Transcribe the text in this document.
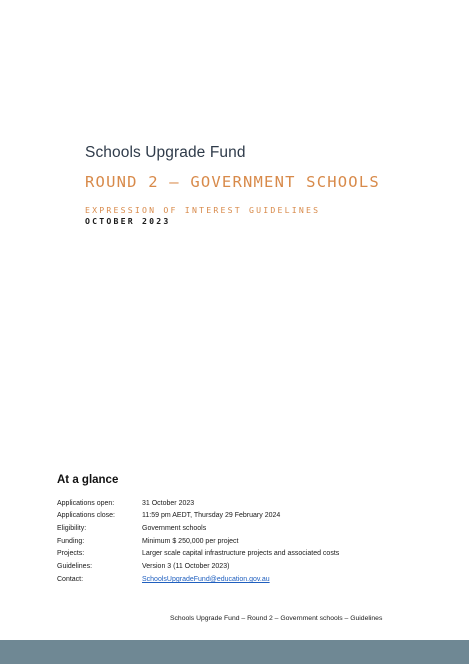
Schools Upgrade Fund
ROUND 2 – GOVERNMENT SCHOOLS
EXPRESSION OF INTEREST GUIDELINES
OCTOBER 2023
At a glance
Applications open:	31 October 2023
Applications close:	11:59 pm AEDT, Thursday 29 February 2024
Eligibility:	Government schools
Funding:	Minimum $ 250,000 per project
Projects:	Larger scale capital infrastructure projects and associated costs
Guidelines:	Version 3 (11 October 2023)
Contact:	SchoolsUpgradeFund@education.gov.au
Schools Upgrade Fund – Round 2 – Government schools – Guidelines
